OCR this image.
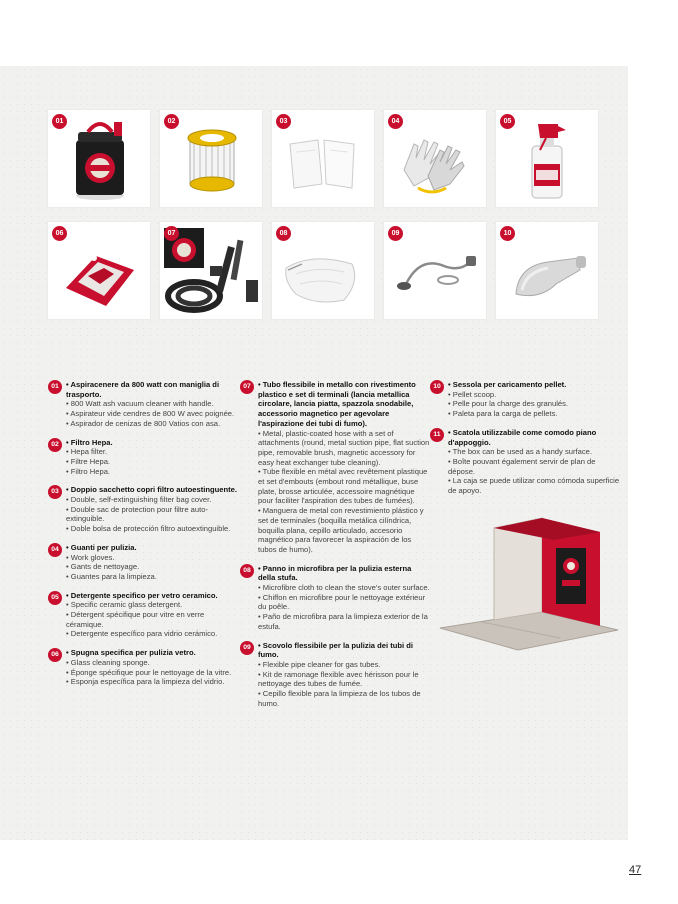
01	02	03	04	05
06	07	08	09	10
01	• Aspiracenere da 800 watt con maniglia di trasporto.
• 800 Watt ash vacuum cleaner with handle.
• Aspirateur vide cendres de 800 W avec poignée.
• Aspirador de cenizas de 800 Vatios con asa.
02	• Filtro Hepa.
• Hepa filter.
• Filtre Hepa.
• Filtro Hepa.
03	• Doppio sacchetto copri filtro autoestinguente.
• Double, self-extinguishing filter bag cover.
• Double sac de protection pour filtre auto-extinguible.
• Doble bolsa de protección filtro autoextinguible.
04	• Guanti per pulizia.
• Work gloves.
• Gants de nettoyage.
• Guantes para la limpieza.
05	• Detergente specifico per vetro ceramico.
• Specific ceramic glass detergent.
• Détergent spécifique pour vitre en verre céramique.
• Detergente específico para vidrio cerámico.
06	• Spugna specifica per pulizia vetro.
• Glass cleaning sponge.
• Éponge spécifique pour le nettoyage de la vitre.
• Esponja específica para la limpieza del vidrio.
07	• Tubo flessibile in metallo con rivestimento plastico e set di terminali (lancia metallica circolare, lancia piatta, spazzola snodabile, accessorio magnetico per agevolare l'aspirazione dei tubi di fumo).
• Metal, plastic-coated hose with a set of attachments (round, metal suction pipe, flat suction pipe, removable brush, magnetic accessory for easy heat exchanger tube cleaning).
• Tube flexible en métal avec revêtement plastique et set d'embouts (embout rond métallique, buse plate, brosse articulée, accessoire magnétique pour faciliter l'aspiration des tubes de fumées).
• Manguera de metal con revestimiento plástico y set de terminales (boquilla metálica cilíndrica, boquilla plana, cepillo articulado, accesorio magnético para favorecer la aspiración de los tubos de humo).
08	• Panno in microfibra per la pulizia esterna della stufa.
• Microfibre cloth to clean the stove's outer surface.
• Chiffon en microfibre pour le nettoyage extérieur du poêle.
• Paño de microfibra para la limpieza exterior de la estufa.
09	• Scovolo flessibile per la pulizia dei tubi di fumo.
• Flexible pipe cleaner for gas tubes.
• Kit de ramonage flexible avec hérisson pour le nettoyage des tubes de fumée.
• Cepillo flexible para la limpieza de los tubos de humo.
10	• Sessola per caricamento pellet.
• Pellet scoop.
• Pelle pour la charge des granulés.
• Paleta para la carga de pellets.
11	• Scatola utilizzabile come comodo piano d'appoggio.
• The box can be used as a handy surface.
• Boîte pouvant également servir de plan de dépose.
• La caja se puede utilizar como cómoda superficie de apoyo.
47
